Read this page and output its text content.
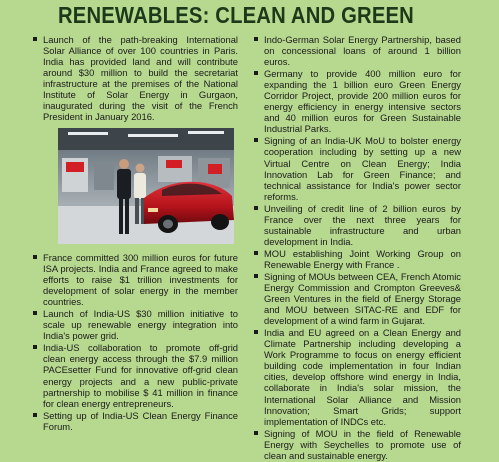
RENEWABLES: CLEAN AND GREEN
Launch of the path-breaking International Solar Alliance of over 100 countries in Paris. India has provided land and will contribute around $30 million to build the secretariat infrastructure at the premises of the National Institute of Solar Energy in Gurgaon, inaugurated during the visit of the French President in January 2016.
France committed 300 million euros for future ISA projects. India and France agreed to make efforts to raise $1 trillion investments for development of solar energy in the member countries.
Launch of India-US $30 million initiative to scale up renewable energy integration into India's power grid.
India-US collaboration to promote off-grid clean energy access through the $7.9 million PACEsetter Fund for innovative off-grid clean energy projects and a new public-private partnership to mobilise $ 41 million in finance for clean energy entrepreneurs.
Setting up of India-US Clean Energy Finance Forum.
Indo-German Solar Energy Partnership, based on concessional loans of around 1 billion euros.
Germany to provide 400 million euro for expanding the 1 billion euro Green Energy Corridor Project, provide 200 million euros for energy efficiency in energy intensive sectors and 40 million euros for Green Sustainable Industrial Parks.
Signing of an India-UK MoU to bolster energy cooperation including by setting up a new Virtual Centre on Clean Energy; India Innovation Lab for Green Finance; and technical assistance for India's power sector reforms.
Unveiling of credit line of 2 billion euros by France over the next three years for sustainable infrastructure and urban development in India.
MOU establishing Joint Working Group on Renewable Energy with France .
Signing of MOUs between CEA, French Atomic Energy Commission and Crompton Greeves& Green Ventures in the field of Energy Storage and MOU between SITAC-RE and EDF for development of a wind farm in Gujarat.
India and EU agreed on a Clean Energy and Climate Partnership including developing a Work Programme to focus on energy efficient building code implementation in four Indian cities, develop offshore wind energy in India, collaborate in India's solar mission, the International Solar Alliance and Mission Innovation; Smart Grids; support implementation of INDCs etc.
Signing of MOU in the field of Renewable Energy with Seychelles to promote use of clean and sustainable energy.
